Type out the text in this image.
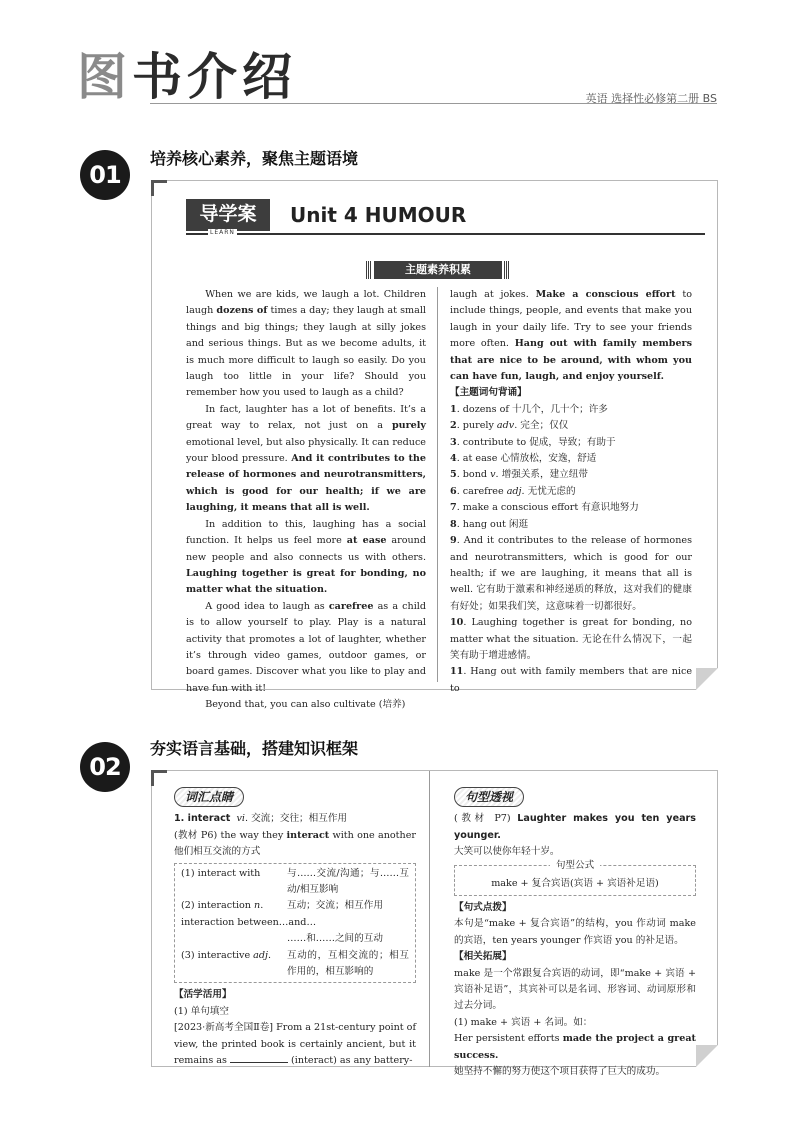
图 书 介 绍	英语 选择性必修第二册 BS
01
培养核心素养，聚焦主题语境
导学案
LEARN
Unit 4 HUMOUR
主题素养积累

When we are kids, we laugh a lot. Children laugh dozens of times a day; they laugh at small things and big things; they laugh at silly jokes and serious things. But as we become adults, it is much more difficult to laugh so easily. Do you laugh too little in your life? Should you remember how you used to laugh as a child?

In fact, laughter has a lot of benefits. It’s a great way to relax, not just on a purely emotional level, but also physically. It can reduce your blood pressure. And it contributes to the release of hormones and neurotransmitters, which is good for our health; if we are laughing, it means that all is well.

In addition to this, laughing has a social function. It helps us feel more at ease around new people and also connects us with others. Laughing together is great for bonding, no matter what the situation.

A good idea to laugh as carefree as a child is to allow yourself to play. Play is a natural activity that promotes a lot of laughter, whether it’s through video games, outdoor games, or board games. Discover what you like to play and have fun with it!

Beyond that, you can also cultivate (培养)

laugh at jokes. Make a conscious effort to include things, people, and events that make you laugh in your daily life. Try to see your friends more often. Hang out with family members that are nice to be around, with whom you can have fun, laugh, and enjoy yourself.

【主题词句背诵】

1. dozens of 十几个，几十个；许多

2. purely adv. 完全；仅仅

3. contribute to 促成，导致；有助于

4. at ease 心情放松，安逸，舒适

5. bond v. 增强关系，建立纽带

6. carefree adj. 无忧无虑的

7. make a conscious effort 有意识地努力

8. hang out 闲逛

9. And it contributes to the release of hormones and neurotransmitters, which is good for our health; if we are laughing, it means that all is well. 它有助于激素和神经递质的释放，这对我们的健康有好处；如果我们笑，这意味着一切都很好。

10. Laughing together is great for bonding, no matter what the situation. 无论在什么情况下，一起笑有助于增进感情。

11. Hang out with family members that are nice to

02
夯实语言基础，搭建知识框架
词汇点睛

1. interact vi. 交流；交往；相互作用

(教材 P6) the way they interact with one another 他们相互交流的方式

(1) interact with	与……交流/沟通；与……互动/相互影响
(2) interaction n.	互动；交流；相互作用
interaction between…and…

……和……之间的互动
(3) interactive adj.	互动的，互相交流的；相互作用的，相互影响的

【活学活用】

(1) 单句填空

[2023·新高考全国Ⅱ卷] From a 21st-century point of view, the printed book is certainly ancient, but it remains as	(interact) as any battery-

句型透视

(教材 P7) Laughter makes you ten years younger.

大笑可以使你年轻十岁。

句型公式
make + 复合宾语(宾语 + 宾语补足语)

【句式点拨】

本句是“make + 复合宾语”的结构，you 作动词 make 的宾语，ten years younger 作宾语 you 的补足语。

【相关拓展】

make 是一个常跟复合宾语的动词，即“make + 宾语 + 宾语补足语”，其宾补可以是名词、形容词、动词原形和过去分词。

(1) make + 宾语 + 名词。如：

Her persistent efforts made the project a great success.

她坚持不懈的努力使这个项目获得了巨大的成功。
